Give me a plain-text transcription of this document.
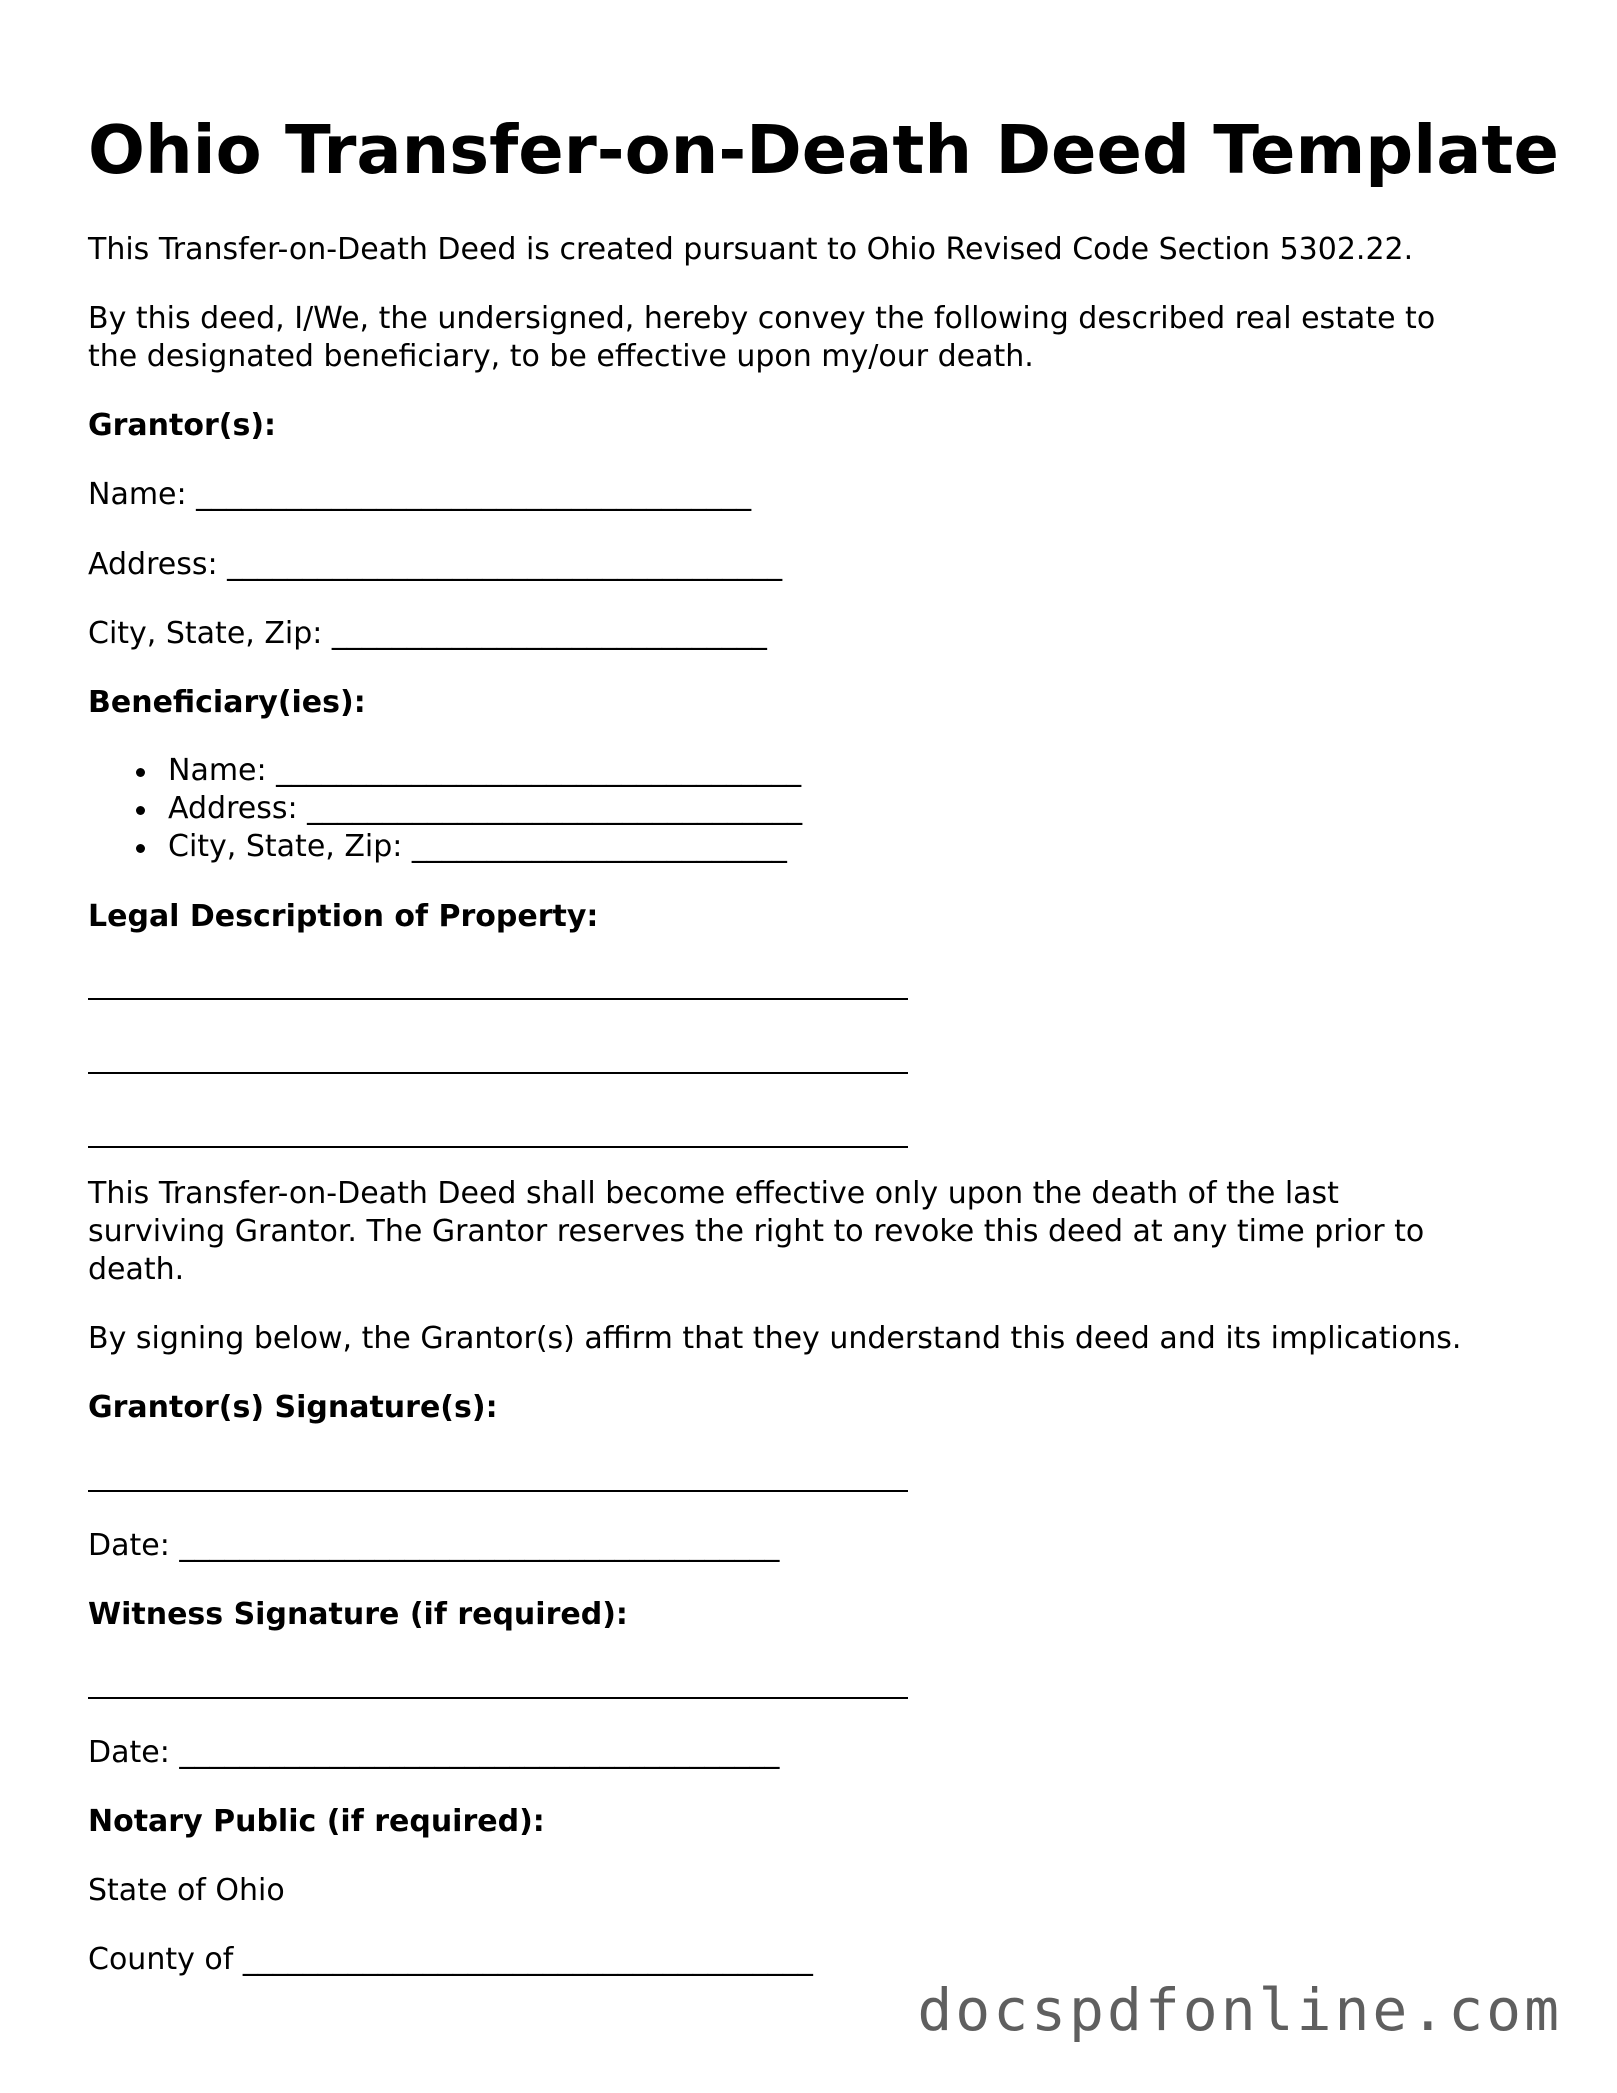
Ohio Transfer-on-Death Deed Template

This Transfer-on-Death Deed is created pursuant to Ohio Revised Code Section 5302.22.

By this deed, I/We, the undersigned, hereby convey the following described real estate to

the designated beneficiary, to be effective upon my/our death.

Grantor(s):

Name: _____________________________________

Address: _____________________________________

City, State, Zip: _____________________________

Beneficiary(ies):

Name: ___________________________________
Address: _________________________________
City, State, Zip: _________________________

Legal Description of Property:

This Transfer-on-Death Deed shall become effective only upon the death of the last

surviving Grantor. The Grantor reserves the right to revoke this deed at any time prior to

death.

By signing below, the Grantor(s) affirm that they understand this deed and its implications.

Grantor(s) Signature(s):

Date: ________________________________________

Witness Signature (if required):

Date: ________________________________________

Notary Public (if required):

State of Ohio

County of ______________________________________

docspdfonline.com
